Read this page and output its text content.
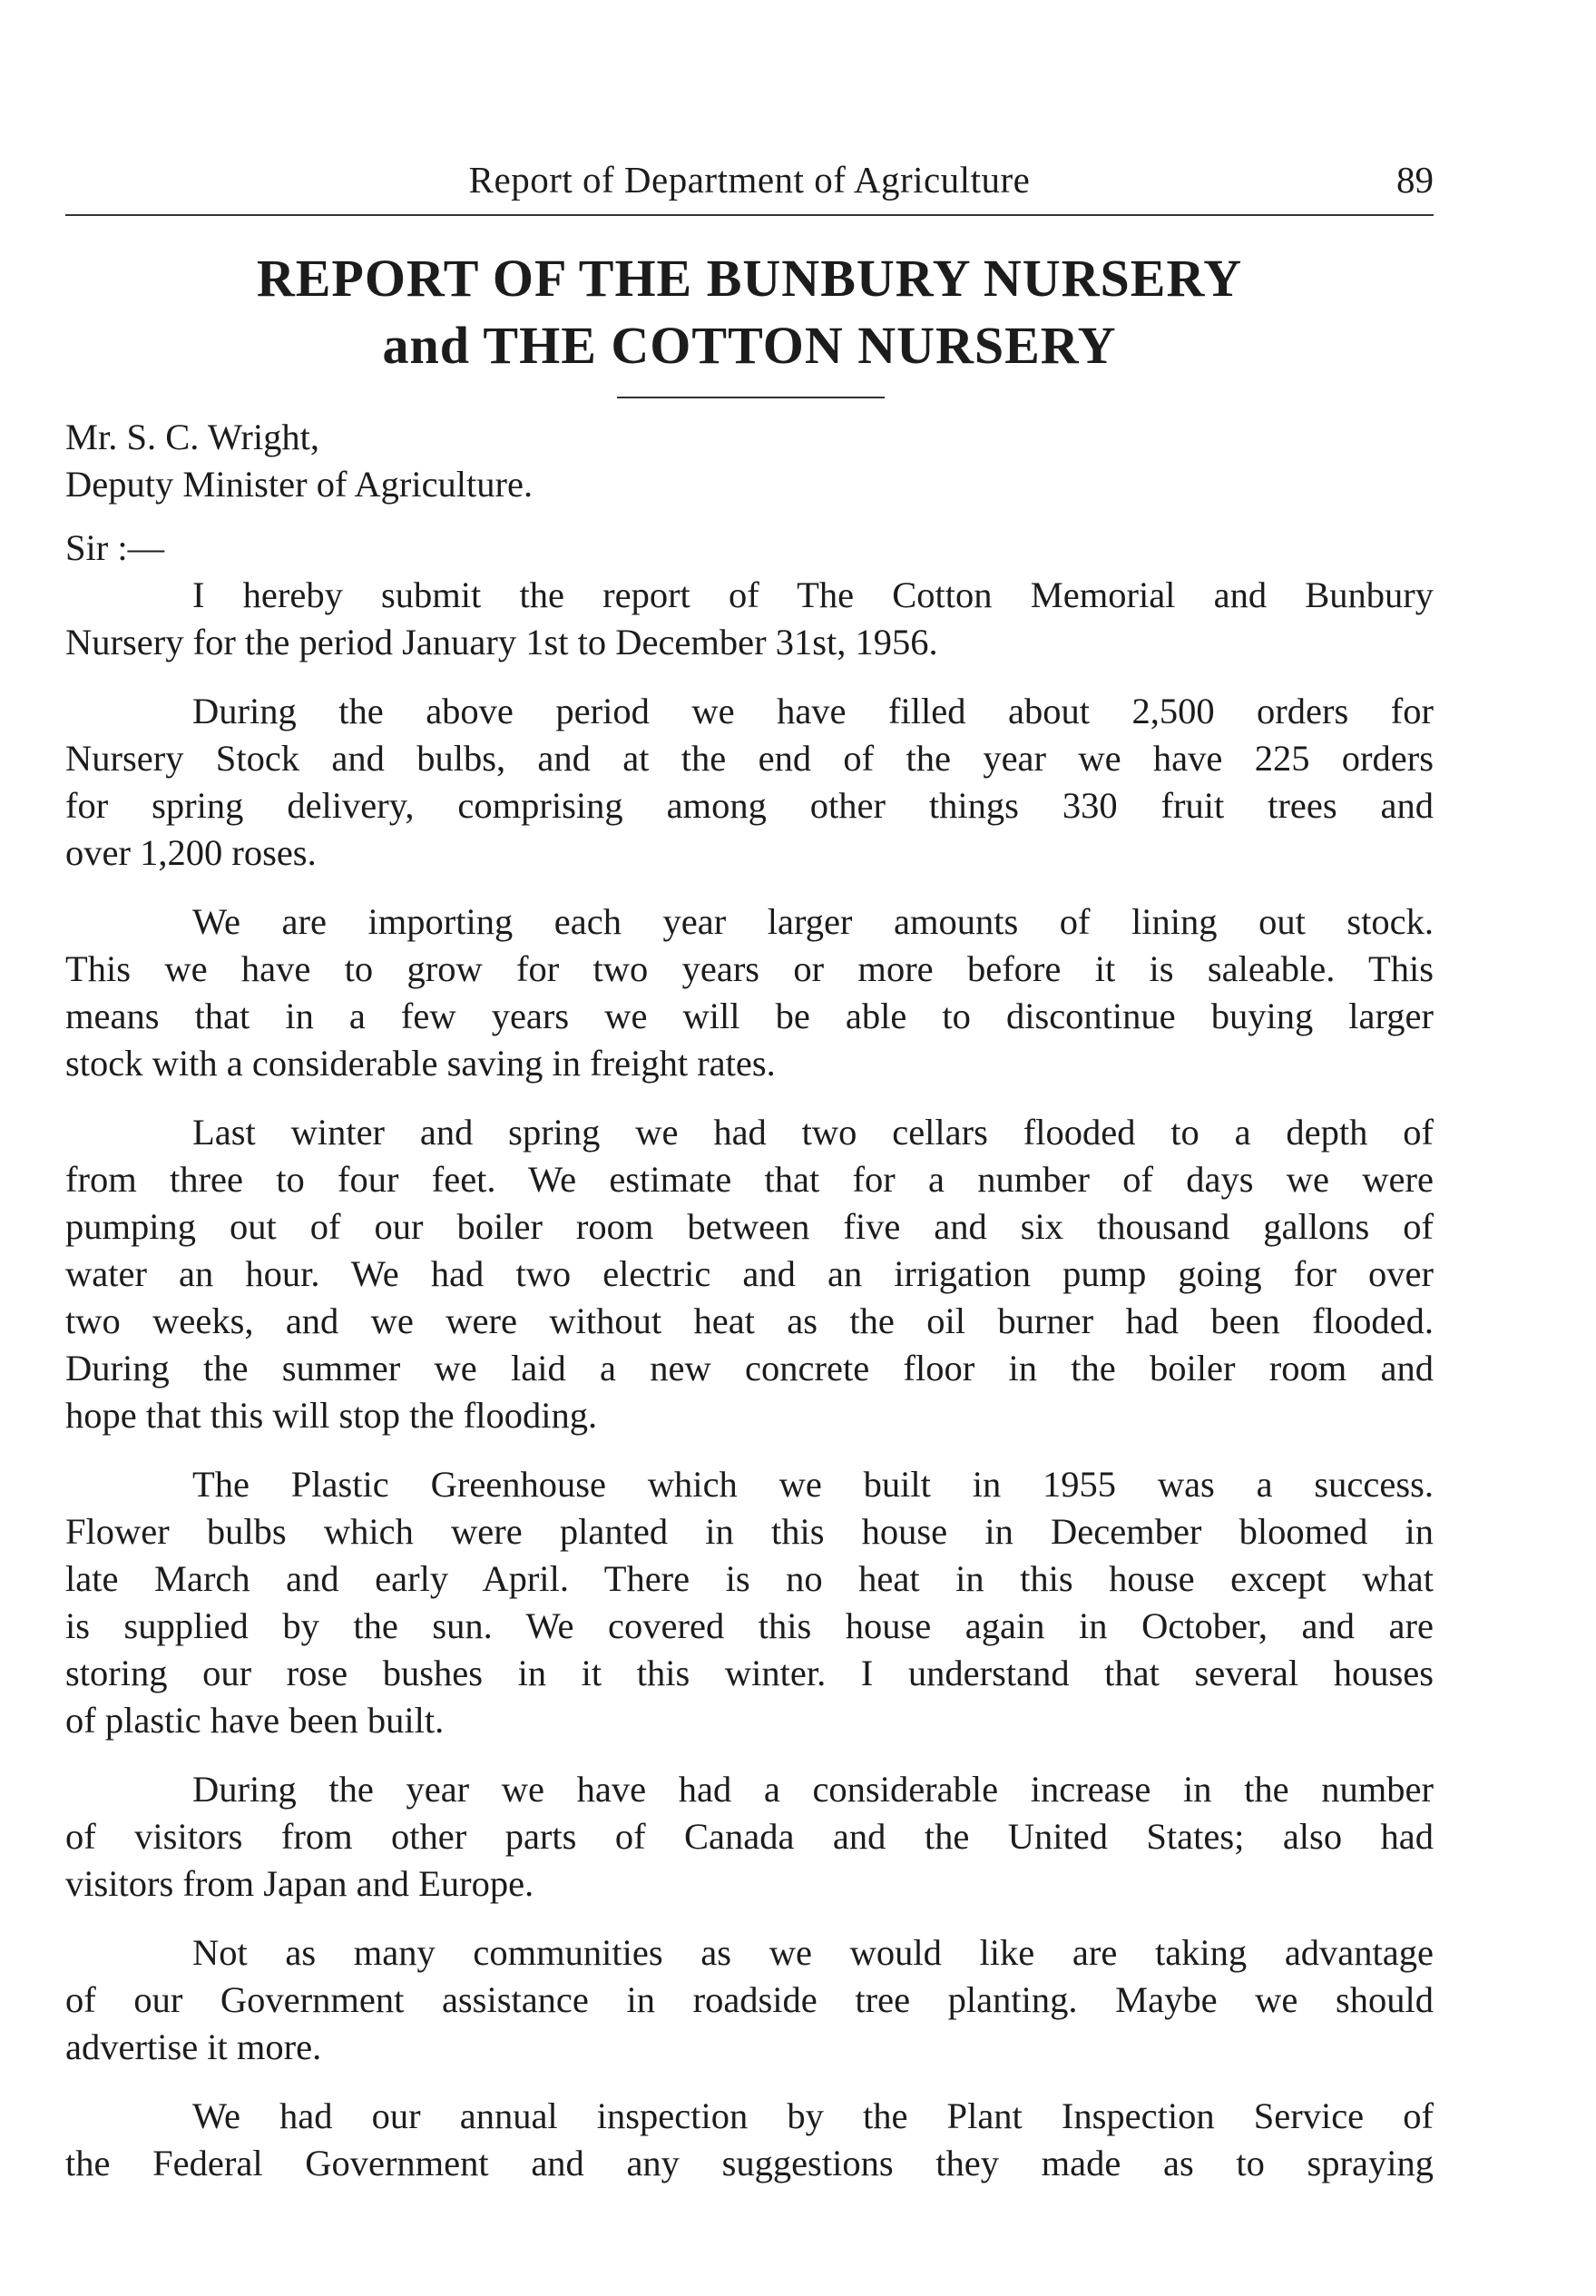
Report of Department of Agriculture	89
REPORT OF THE BUNBURY NURSERY
and THE COTTON NURSERY
Mr. S. C. Wright,
Deputy Minister of Agriculture.
Sir :—
I hereby submit the report of The Cotton Memorial and Bunbury
Nursery for the period January 1st to December 31st, 1956.
During the above period we have filled about 2,500 orders for
Nursery Stock and bulbs, and at the end of the year we have 225 orders
for spring delivery, comprising among other things 330 fruit trees and
over 1,200 roses.
We are importing each year larger amounts of lining out stock.
This we have to grow for two years or more before it is saleable. This
means that in a few years we will be able to discontinue buying larger
stock with a considerable saving in freight rates.
Last winter and spring we had two cellars flooded to a depth of
from three to four feet. We estimate that for a number of days we were
pumping out of our boiler room between five and six thousand gallons of
water an hour. We had two electric and an irrigation pump going for over
two weeks, and we were without heat as the oil burner had been flooded.
During the summer we laid a new concrete floor in the boiler room and
hope that this will stop the flooding.
The Plastic Greenhouse which we built in 1955 was a success.
Flower bulbs which were planted in this house in December bloomed in
late March and early April. There is no heat in this house except what
is supplied by the sun. We covered this house again in October, and are
storing our rose bushes in it this winter. I understand that several houses
of plastic have been built.
During the year we have had a considerable increase in the number
of visitors from other parts of Canada and the United States; also had
visitors from Japan and Europe.
Not as many communities as we would like are taking advantage
of our Government assistance in roadside tree planting. Maybe we should
advertise it more.
We had our annual inspection by the Plant Inspection Service of
the Federal Government and any suggestions they made as to spraying
